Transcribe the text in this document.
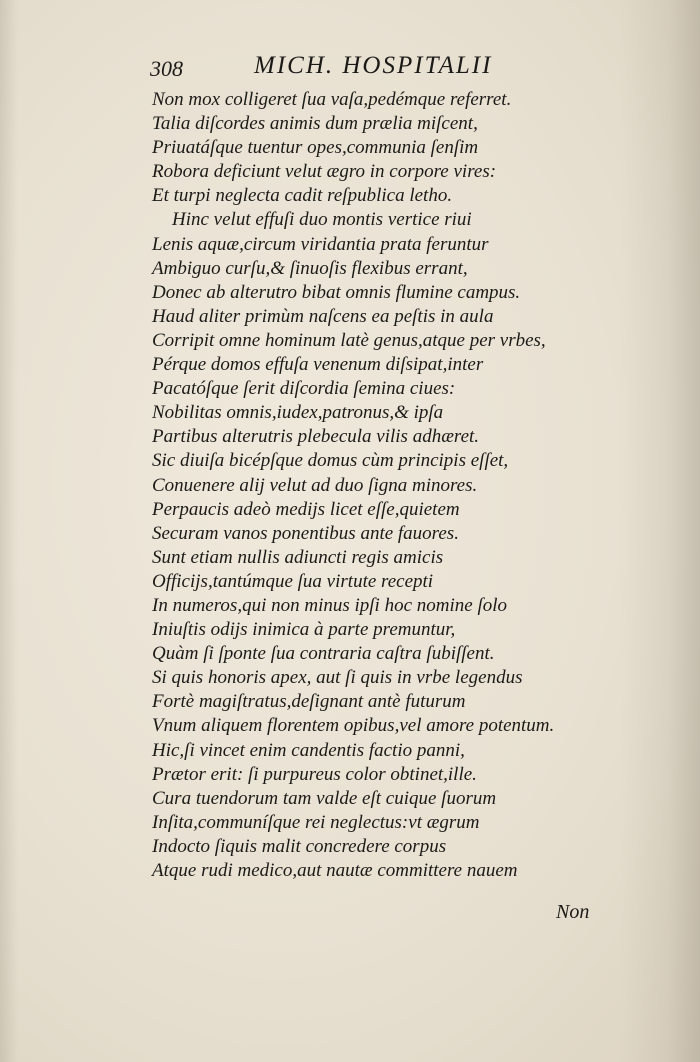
308	MICH. HOSPITALII
Non mox colligeret ſua vaſa,pedémque referret.
Talia diſcordes animis dum prælia miſcent,
Priuatáſque tuentur opes,communia ſenſim
Robora deficiunt velut ægro in corpore vires:
Et turpi neglecta cadit reſpublica letho.
Hinc velut effuſi duo montis vertice riui
Lenis aquæ,circum viridantia prata feruntur
Ambiguo curſu,& ſinuoſis flexibus errant,
Donec ab alterutro bibat omnis flumine campus.
Haud aliter primùm naſcens ea peſtis in aula
Corripit omne hominum latè genus,atque per vrbes,
Pérque domos effuſa venenum diſsipat,inter
Pacatóſque ſerit diſcordia ſemina ciues:
Nobilitas omnis,iudex,patronus,& ipſa
Partibus alterutris plebecula vilis adhæret.
Sic diuiſa bicépſque domus cùm principis eſſet,
Conuenere alij velut ad duo ſigna minores.
Perpaucis adeò medijs licet eſſe,quietem
Securam vanos ponentibus ante fauores.
Sunt etiam nullis adiuncti regis amicis
Officijs,tantúmque ſua virtute recepti
In numeros,qui non minus ipſi hoc nomine ſolo
Iniuſtis odijs inimica à parte premuntur,
Quàm ſi ſponte ſua contraria caſtra ſubiſſent.
Si quis honoris apex, aut ſi quis in vrbe legendus
Fortè magiſtratus,deſignant antè futurum
Vnum aliquem florentem opibus,vel amore potentum.
Hic,ſi vincet enim candentis factio panni,
Prætor erit: ſi purpureus color obtinet,ille.
Cura tuendorum tam valde eſt cuique ſuorum
Inſita,communíſque rei neglectus:vt ægrum
Indocto ſiquis malit concredere corpus
Atque rudi medico,aut nautæ committere nauem
Non
